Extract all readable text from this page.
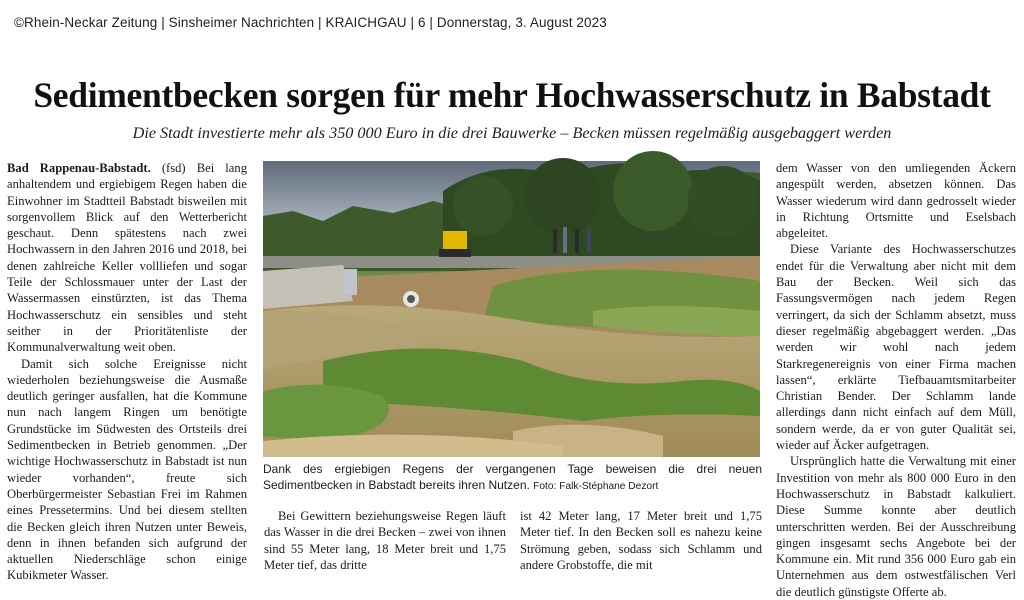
©Rhein-Neckar Zeitung | Sinsheimer Nachrichten | KRAICHGAU | 6 | Donnerstag, 3. August 2023
Sedimentbecken sorgen für mehr Hochwasserschutz in Babstadt
Die Stadt investierte mehr als 350 000 Euro in die drei Bauwerke – Becken müssen regelmäßig ausgebaggert werden

Bad Rappenau-Babstadt. (fsd) Bei lang anhaltendem und ergiebigem Regen haben die Einwohner im Stadtteil Babstadt bisweilen mit sorgenvollem Blick auf den Wetterbericht geschaut. Denn spätestens nach zwei Hochwassern in den Jahren 2016 und 2018, bei denen zahlreiche Keller vollliefen und sogar Teile der Schlossmauer unter der Last der Wassermassen einstürzten, ist das Thema Hochwasserschutz ein sensibles und steht seither in der Prioritätenliste der Kommunalverwaltung weit oben.

Damit sich solche Ereignisse nicht wiederholen beziehungsweise die Ausmaße deutlich geringer ausfallen, hat die Kommune nun nach langem Ringen um benötigte Grundstücke im Südwesten des Ortsteils drei Sedimentbecken in Betrieb genommen. „Der wichtige Hochwasserschutz in Babstadt ist nun wieder vorhanden“, freute sich Oberbürgermeister Sebastian Frei im Rahmen eines Pressetermins. Und bei diesem stellten die Becken gleich ihren Nutzen unter Beweis, denn in ihnen befanden sich aufgrund der aktuellen Niederschläge schon einige Kubikmeter Wasser.

Dank des ergiebigen Regens der vergangenen Tage beweisen die drei neuen Sedimentbecken in Babstadt bereits ihren Nutzen. Foto: Falk-Stéphane Dezort

Bei Gewittern beziehungsweise Regen läuft das Wasser in die drei Becken – zwei von ihnen sind 55 Meter lang, 18 Meter breit und 1,75 Meter tief, das dritte

ist 42 Meter lang, 17 Meter breit und 1,75 Meter tief. In den Becken soll es nahezu keine Strömung geben, sodass sich Schlamm und andere Grobstoffe, die mit

dem Wasser von den umliegenden Äckern angespült werden, absetzen können. Das Wasser wiederum wird dann gedrosselt wieder in Richtung Ortsmitte und Eselsbach abgeleitet.

Diese Variante des Hochwasserschutzes endet für die Verwaltung aber nicht mit dem Bau der Becken. Weil sich das Fassungsvermögen nach jedem Regen verringert, da sich der Schlamm absetzt, muss dieser regelmäßig abgebaggert werden. „Das werden wir wohl nach jedem Starkregenereignis von einer Firma machen lassen“, erklärte Tiefbauamtsmitarbeiter Christian Bender. Der Schlamm lande allerdings dann nicht einfach auf dem Müll, sondern werde, da er von guter Qualität sei, wieder auf Äcker aufgetragen.

Ursprünglich hatte die Verwaltung mit einer Investition von mehr als 800 000 Euro in den Hochwasserschutz in Babstadt kalkuliert. Diese Summe konnte aber deutlich unterschritten werden. Bei der Ausschreibung gingen insgesamt sechs Angebote bei der Kommune ein. Mit rund 356 000 Euro gab ein Unternehmen aus dem ostwestfälischen Verl die deutlich günstigste Offerte ab.
